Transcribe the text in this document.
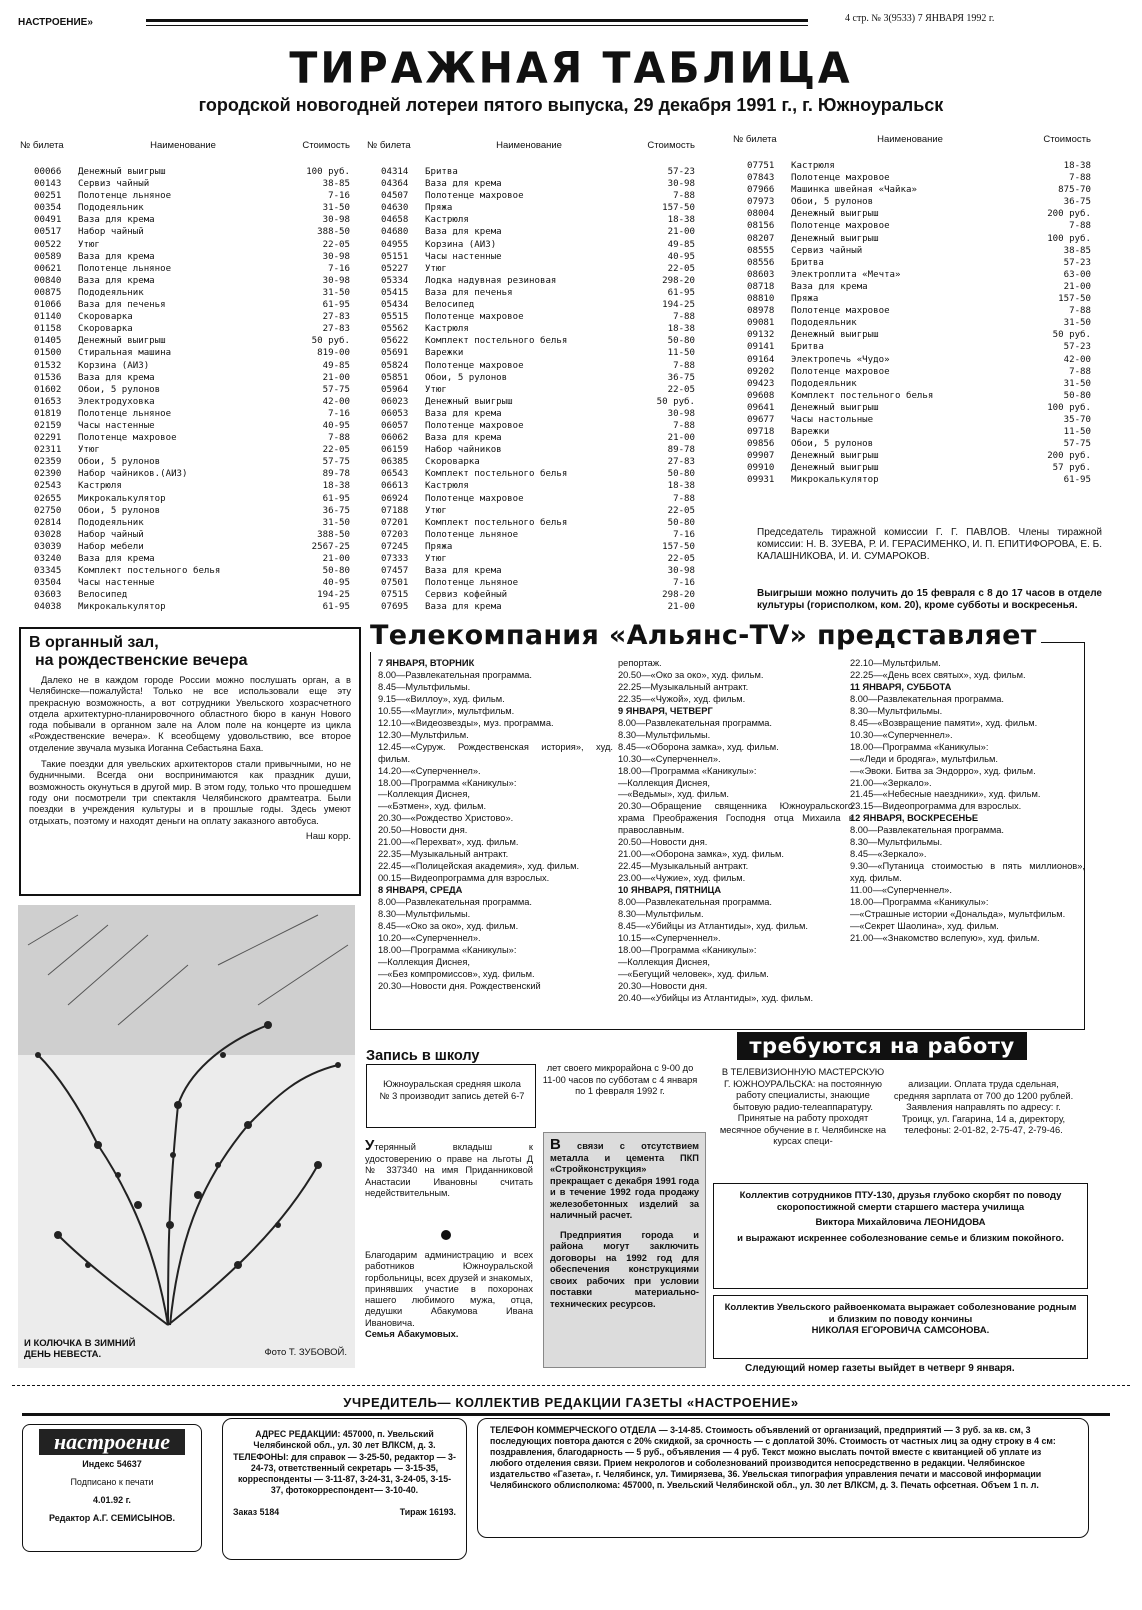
НАСТРОЕНИЕ»	4 стр. № 3(9533) 7 ЯНВАРЯ 1992 г.
ТИРАЖНАЯ ТАБЛИЦА
городской новогодней лотереи пятого выпуска, 29 декабря 1991 г., г. Южноуральск
№ билета	Наименование	Стоимость
00066	Денежный выигрыш	100 руб.
00143	Сервиз чайный	38-85
00251	Полотенце льняное	7-16
00354	Пододеяльник	31-50
00491	Ваза для крема	30-98
00517	Набор чайный	388-50
00522	Утюг	22-05
00589	Ваза для крема	30-98
00621	Полотенце льняное	7-16
00840	Ваза для крема	30-98
00875	Пододеяльник	31-50
01066	Ваза для печенья	61-95
01140	Скороварка	27-83
01158	Скороварка	27-83
01405	Денежный выигрыш	50 руб.
01500	Стиральная машина	819-00
01532	Корзина (АИЗ)	49-85
01536	Ваза для крема	21-00
01602	Обои, 5 рулонов	57-75
01653	Электродуховка	42-00
01819	Полотенце льняное	7-16
02159	Часы настенные	40-95
02291	Полотенце махровое	7-88
02311	Утюг	22-05
02359	Обои, 5 рулонов	57-75
02390	Набор чайников.(АИЗ)	89-78
02543	Кастрюля	18-38
02655	Микрокалькулятор	61-95
02750	Обои, 5 рулонов	36-75
02814	Пододеяльник	31-50
03028	Набор чайный	388-50
03039	Набор мебели	2567-25
03240	Ваза для крема	21-00
03345	Комплект постельного белья	50-80
03504	Часы настенные	40-95
03603	Велосипед	194-25
04038	Микрокалькулятор	61-95
№ билета	Наименование	Стоимость
04314	Бритва	57-23
04364	Ваза для крема	30-98
04507	Полотенце махровое	7-88
04630	Пряжа	157-50
04658	Кастрюля	18-38
04680	Ваза для крема	21-00
04955	Корзина (АИЗ)	49-85
05151	Часы настенные	40-95
05227	Утюг	22-05
05334	Лодка надувная резиновая	298-20
05415	Ваза для печенья	61-95
05434	Велосипед	194-25
05515	Полотенце махровое	7-88
05562	Кастрюля	18-38
05622	Комплект постельного белья	50-80
05691	Варежки	11-50
05824	Полотенце махровое	7-88
05851	Обои, 5 рулонов	36-75
05964	Утюг	22-05
06023	Денежный выигрыш	50 руб.
06053	Ваза для крема	30-98
06057	Полотенце махровое	7-88
06062	Ваза для крема	21-00
06159	Набор чайников	89-78
06385	Скороварка	27-83
06543	Комплект постельного белья	50-80
06613	Кастрюля	18-38
06924	Полотенце махровое	7-88
07188	Утюг	22-05
07201	Комплект постельного белья	50-80
07203	Полотенце льняное	7-16
07245	Пряжа	157-50
07333	Утюг	22-05
07457	Ваза для крема	30-98
07501	Полотенце льняное	7-16
07515	Сервиз кофейный	298-20
07695	Ваза для крема	21-00
№ билета	Наименование	Стоимость
07751	Кастрюля	18-38
07843	Полотенце махровое	7-88
07966	Машинка швейная «Чайка»	875-70
07973	Обои, 5 рулонов	36-75
08004	Денежный выигрыш	200 руб.
08156	Полотенце махровое	7-88
08207	Денежный выигрыш	100 руб.
08555	Сервиз чайный	38-85
08556	Бритва	57-23
08603	Электроплита «Мечта»	63-00
08718	Ваза для крема	21-00
08810	Пряжа	157-50
08978	Полотенце махровое	7-88
09081	Пододеяльник	31-50
09132	Денежный выигрыш	50 руб.
09141	Бритва	57-23
09164	Электропечь «Чудо»	42-00
09202	Полотенце махровое	7-88
09423	Пододеяльник	31-50
09608	Комплект постельного белья	50-80
09641	Денежный выигрыш	100 руб.
09677	Часы настольные	35-70
09718	Варежки	11-50
09856	Обои, 5 рулонов	57-75
09907	Денежный выигрыш	200 руб.
09910	Денежный выигрыш	57 руб.
09931	Микрокалькулятор	61-95
Председатель тиражной комиссии Г. Г. ПАВЛОВ. Члены тиражной комиссии: Н. В. ЗУЕВА, Р. И. ГЕРАСИМЕНКО, И. П. ЕПИТИФОРОВА, Е. Б. КАЛАШНИКОВА, И. И. СУМАРОКОВ.
Выигрыши можно получить до 15 февраля с 8 до 17 часов в отделе культуры (горисполком, ком. 20), кроме субботы и воскресенья.
В органный зал,
на рождественские вечера

Далеко не в каждом городе России можно послушать орган, а в Челябинске—пожалуйста! Только не все использовали еще эту прекрасную возможность, а вот сотрудники Увельского хозрасчетного отдела архитектурно-планировочного областного бюро в канун Нового года побывали в органном зале на Алом поле на концерте из цикла «Рождественские вечера». К всеобщему удовольствию, все второе отделение звучала музыка Иоганна Себастьяна Баха.

Такие поездки для увельских архитекторов стали привычными, но не будничными. Всегда они воспринимаются как праздник души, возможность окунуться в другой мир. В этом году, только что прошедшем году они посмотрели три спектакля Челябинского драмтеатра. Были поездки в учреждения культуры и в прошлые годы. Здесь умеют отдыхать, поэтому и находят деньги на оплату заказного автобуса.

Наш корр.
И КОЛЮЧКА В ЗИМНИЙ
ДЕНЬ НЕВЕСТА.	Фото Т. ЗУБОВОЙ.
Телекомпания «Альянс-TV» представляет
7 ЯНВАРЯ, ВТОРНИК
8.00—Развлекательная программа.
8.45—Мультфильмы.
9.15—«Виллоу», худ. фильм.
10.55—«Маугли», мультфильм.
12.10—«Видеозвезды», муз. программа.
12.30—Мультфильм.
12.45—«Суруж. Рождественская история», худ. фильм.
14.20—«Суперченнел».
18.00—Программа «Каникулы»:
—Коллекция Диснея,
—«Бэтмен», худ. фильм.
20.30—«Рождество Христово».
20.50—Новости дня.
21.00—«Перехват», худ. фильм.
22.35—Музыкальный антракт.
22.45—«Полицейская академия», худ. фильм.
00.15—Видеопрограмма для взрослых.
8 ЯНВАРЯ, СРЕДА
8.00—Развлекательная программа.
8.30—Мультфильмы.
8.45—«Око за око», худ. фильм.
10.20—«Суперченнел».
18.00—Программа «Каникулы»:
—Коллекция Диснея,
—«Без компромиссов», худ. фильм.
20.30—Новости дня. Рождественский
репортаж.
20.50—«Око за око», худ. фильм.
22.25—Музыкальный антракт.
22.35—«Чужой», худ. фильм.
9 ЯНВАРЯ, ЧЕТВЕРГ
8.00—Развлекательная программа.
8.30—Мультфильмы.
8.45—«Оборона замка», худ. фильм.
10.30—«Суперченнел».
18.00—Программа «Каникулы»:
—Коллекция Диснея,
—«Ведьмы», худ. фильм.
20.30—Обращение священника Южноуральского храма Преображения Господня отца Михаила к православным.
20.50—Новости дня.
21.00—«Оборона замка», худ. фильм.
22.45—Музыкальный антракт.
23.00—«Чужие», худ. фильм.
10 ЯНВАРЯ, ПЯТНИЦА
8.00—Развлекательная программа.
8.30—Мультфильм.
8.45—«Убийцы из Атлантиды», худ. фильм.
10.15—«Суперченнел».
18.00—Программа «Каникулы»:
—Коллекция Диснея,
—«Бегущий человек», худ. фильм.
20.30—Новости дня.
20.40—«Убийцы из Атлантиды», худ. фильм.
22.10—Мультфильм.
22.25—«День всех святых», худ. фильм.
11 ЯНВАРЯ, СУББОТА
8.00—Развлекательная программа.
8.30—Мультфильмы.
8.45—«Возвращение памяти», худ. фильм.
10.30—«Суперченнел».
18.00—Программа «Каникулы»:
—«Леди и бродяга», мультфильм.
—«Эвоки. Битва за Эндорро», худ. фильм.
21.00—«Зеркало».
21.45—«Небесные наездники», худ. фильм.
23.15—Видеопрограмма для взрослых.
12 ЯНВАРЯ, ВОСКРЕСЕНЬЕ
8.00—Развлекательная программа.
8.30—Мультфильмы.
8.45—«Зеркало».
9.30—«Путаница стоимостью в пять миллионов», худ. фильм.
11.00—«Суперченнел».
18.00—Программа «Каникулы»:
—«Страшные истории «Дональда», мультфильм.
—«Секрет Шаолина», худ. фильм.
21.00—«Знакомство вслепую», худ. фильм.
Запись в школу
Южноуральская средняя школа № 3 производит запись детей 6-7
лет своего микрорайона с 9-00 до 11-00 часов по субботам с 4 января по 1 февраля 1992 г.
Утерянный вкладыш к удостоверению о праве на льготы Д № 337340 на имя Приданниковой Анастасии Ивановны считать недействительным.
Благодарим администрацию и всех работников Южноуральской горбольницы, всех друзей и знакомых, принявших участие в похоронах нашего любимого мужа, отца, дедушки Абакумова Ивана Ивановича.
Семья Абакумовых.
В связи с отсутствием металла и цемента ПКП «Стройконструкция» прекращает с декабря 1991 года и в течение 1992 года продажу железобетонных изделий за наличный расчет.
Предприятия города и района могут заключить договоры на 1992 год для обеспечения конструкциями своих рабочих при условии поставки материально-технических ресурсов.
требуются на работу
В ТЕЛЕВИЗИОННУЮ МАСТЕРСКУЮ Г. ЮЖНОУРАЛЬСКА: на постоянную работу специалисты, знающие бытовую радио-телеаппаратуру. Принятые на работу проходят месячное обучение в г. Челябинске на курсах специ-
ализации. Оплата труда сдельная, средняя зарплата от 700 до 1200 рублей. Заявления направлять по адресу: г. Троицк, ул. Гагарина, 14 а, директору, телефоны: 2-01-82, 2-75-47, 2-79-46.
Коллектив сотрудников ПТУ-130, друзья глубоко скорбят по поводу скоропостижной смерти старшего мастера училища
Виктора Михайловича ЛЕОНИДОВА
и выражают искреннее соболезнование семье и близким покойного.
Коллектив Увельского райвоенкомата выражает соболезнование родным и близким по поводу кончины
НИКОЛАЯ ЕГОРОВИЧА САМСОНОВА.
Следующий номер газеты выйдет в четверг 9 января.
УЧРЕДИТЕЛЬ— КОЛЛЕКТИВ РЕДАКЦИИ ГАЗЕТЫ «НАСТРОЕНИЕ»
настроение
Индекс 54637
Подписано к печати
4.01.92 г.
Редактор А.Г. СЕМИСЫНОВ.
АДРЕС РЕДАКЦИИ: 457000, п. Увельский Челябинской обл., ул. 30 лет ВЛКСМ, д. 3. ТЕЛЕФОНЫ: для справок — 3-25-50, редактор — 3-24-73, ответственный секретарь — 3-15-35, корреспонденты — 3-11-87, 3-24-31, 3-24-05, 3-15-37, фотокорреспондент— 3-10-40.
Заказ 5184	Тираж 16193.
ТЕЛЕФОН КОММЕРЧЕСКОГО ОТДЕЛА — 3-14-85. Стоимость объявлений от организаций, предприятий — 3 руб. за кв. см, 3 последующих повтора даются с 20% скидкой, за срочность — с доплатой 30%. Стоимость от частных лиц за одну строку в 4 см: поздравления, благодарность — 5 руб., объявления — 4 руб. Текст можно выслать почтой вместе с квитанцией об уплате из любого отделения связи. Прием некрологов и соболезнований производится непосредственно в редакции. Челябинское издательство «Газета», г. Челябинск, ул. Тимирязева, 36. Увельская типография управления печати и массовой информации Челябинского облисполкома: 457000, п. Увельский Челябинской обл., ул. 30 лет ВЛКСМ, д. 3. Печать офсетная. Объем 1 п. л.
